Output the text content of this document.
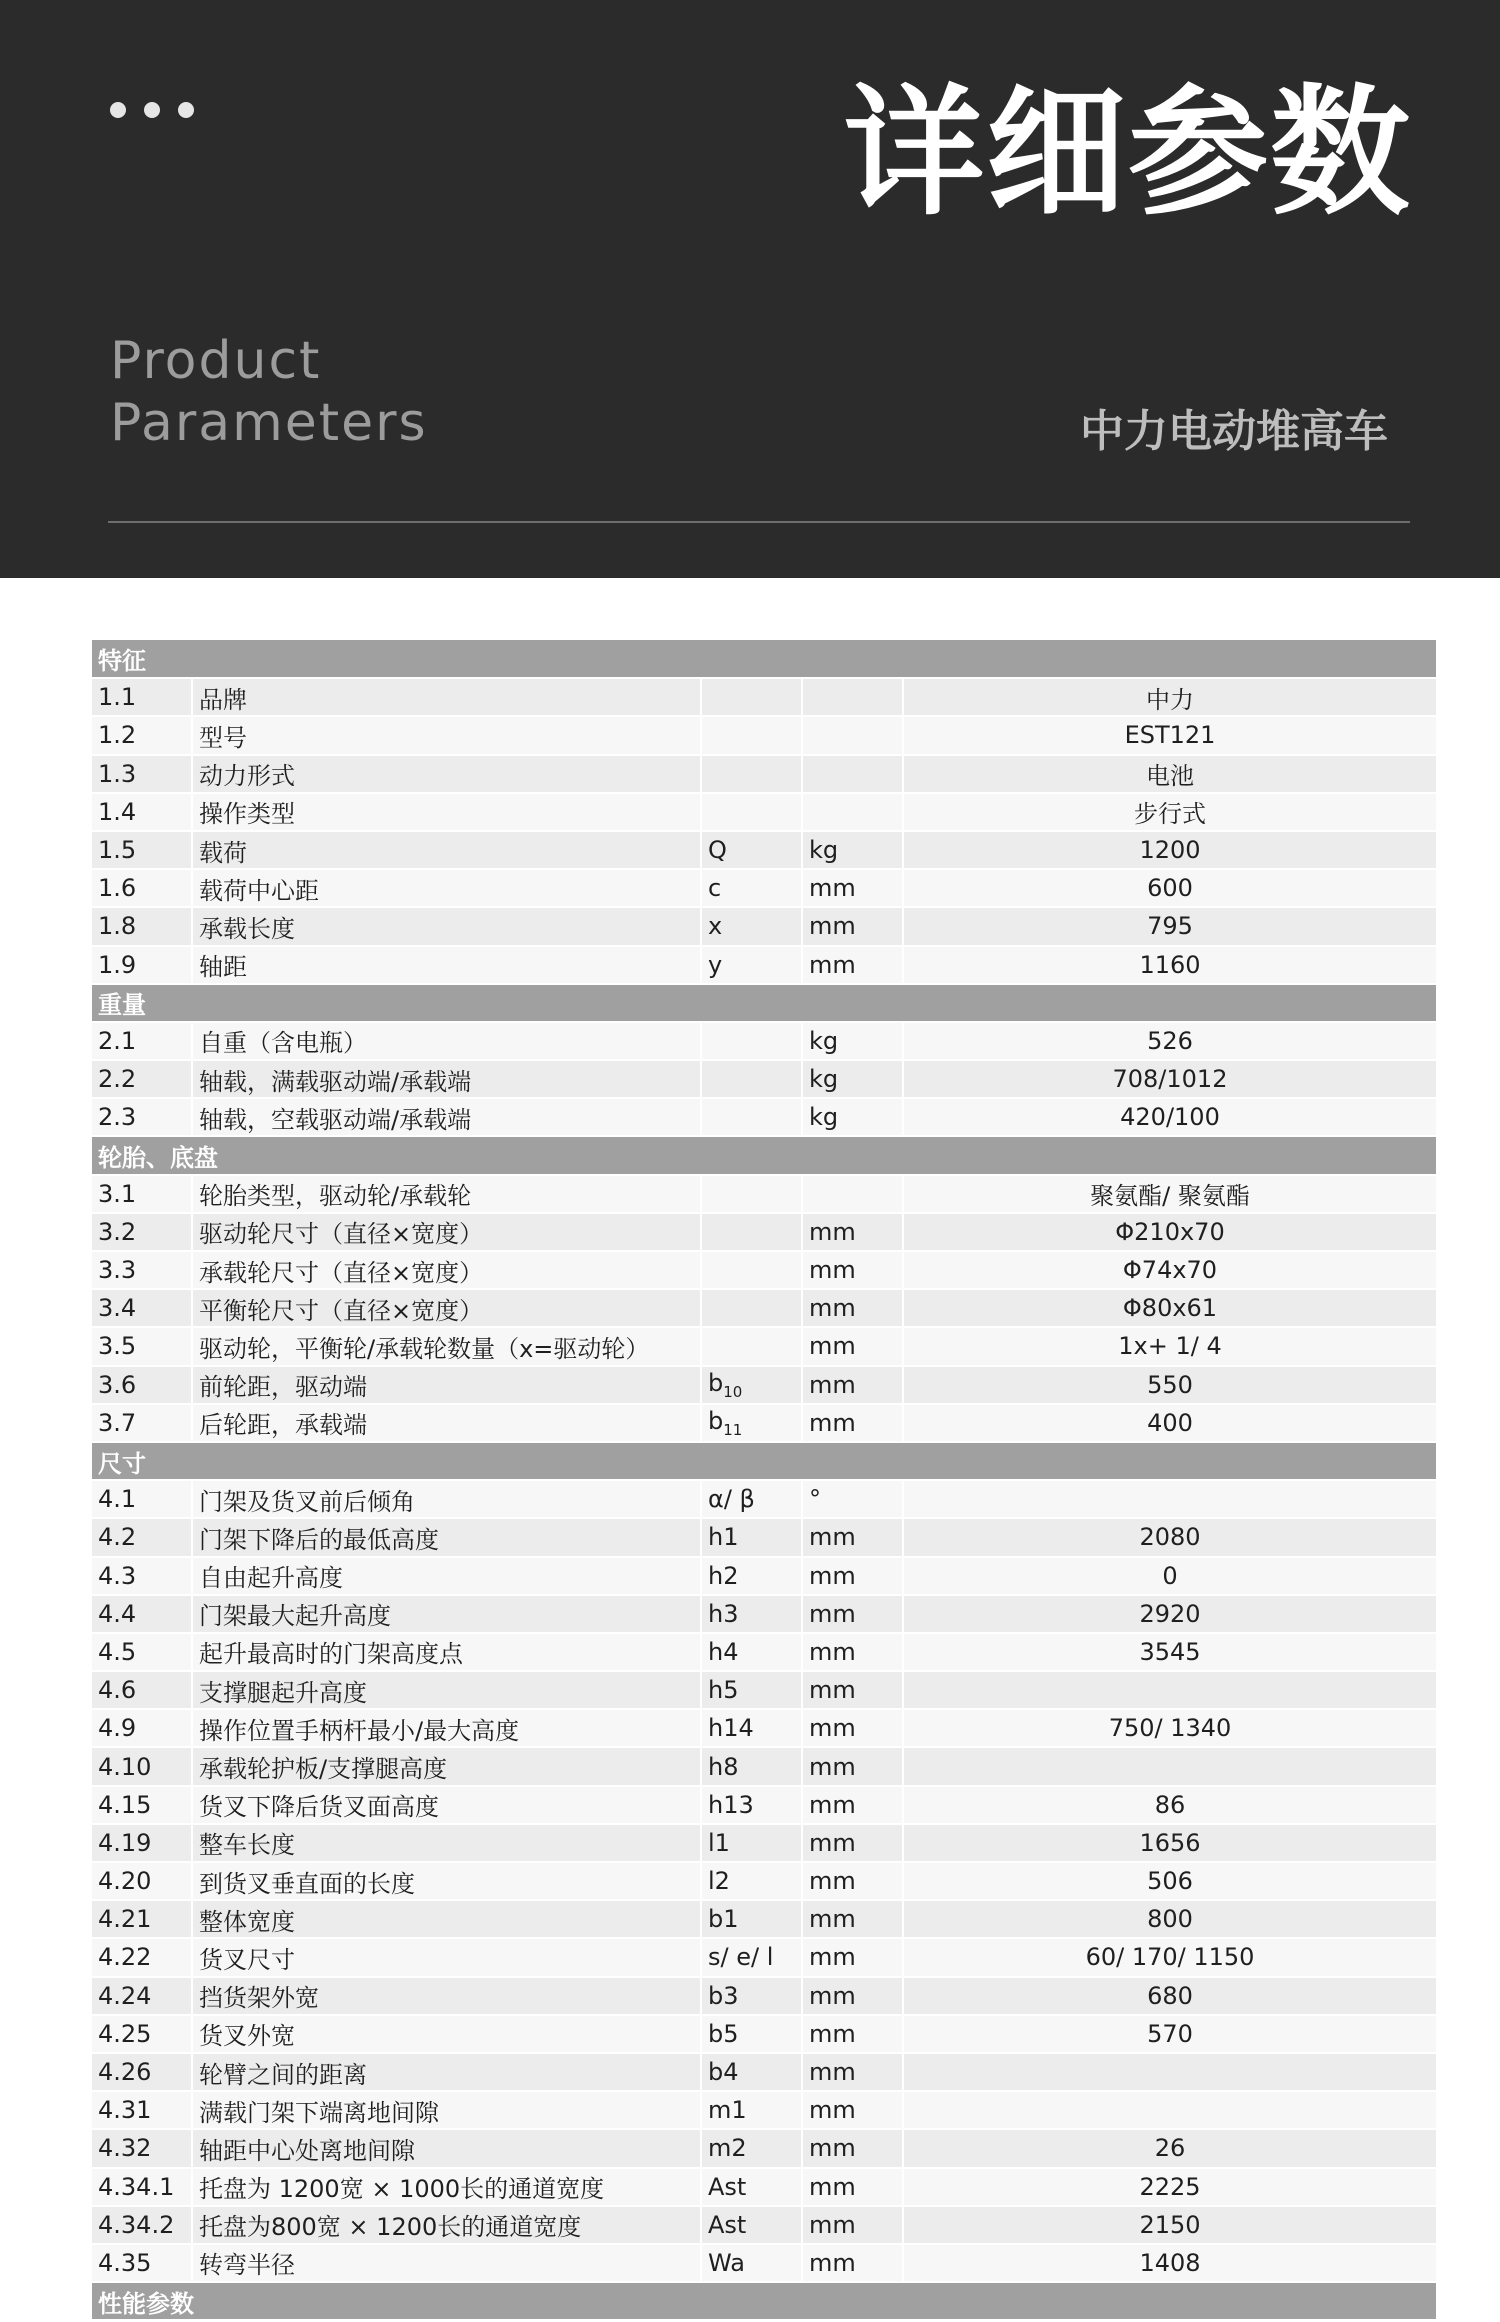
详细参数
Product
Parameters	中力电动堆高车
特征				
1.1	品牌			中力
1.2	型号			EST121
1.3	动力形式			电池
1.4	操作类型			步行式
1.5	载荷	Q	kg	1200
1.6	载荷中心距	c	mm	600
1.8	承载长度	x	mm	795
1.9	轴距	y	mm	1160
重量				
2.1	自重（含电瓶）		kg	526
2.2	轴载，满载驱动端/承载端		kg	708/1012
2.3	轴载，空载驱动端/承载端		kg	420/100
轮胎、底盘				
3.1	轮胎类型，驱动轮/承载轮			聚氨酯/ 聚氨酯
3.2	驱动轮尺寸（直径×宽度）		mm	Φ210x70
3.3	承载轮尺寸（直径×宽度）		mm	Φ74x70
3.4	平衡轮尺寸（直径×宽度）		mm	Φ80x61
3.5	驱动轮，平衡轮/承载轮数量（x=驱动轮）		mm	1x+ 1/ 4
3.6	前轮距，驱动端	$b_{10}$	mm	550
3.7	后轮距，承载端	$b_{11}$	mm	400
尺寸				
4.1	门架及货叉前后倾角	α/ β	°	
4.2	门架下降后的最低高度	h1	mm	2080
4.3	自由起升高度	h2	mm	0
4.4	门架最大起升高度	h3	mm	2920
4.5	起升最高时的门架高度点	h4	mm	3545
4.6	支撑腿起升高度	h5	mm	
4.9	操作位置手柄杆最小/最大高度	h14	mm	750/ 1340
4.10	承载轮护板/支撑腿高度	h8	mm	
4.15	货叉下降后货叉面高度	h13	mm	86
4.19	整车长度	l1	mm	1656
4.20	到货叉垂直面的长度	l2	mm	506
4.21	整体宽度	b1	mm	800
4.22	货叉尺寸	s/ e/ l	mm	60/ 170/ 1150
4.24	挡货架外宽	b3	mm	680
4.25	货叉外宽	b5	mm	570
4.26	轮臂之间的距离	b4	mm	
4.31	满载门架下端离地间隙	m1	mm	
4.32	轴距中心处离地间隙	m2	mm	26
4.34.1	托盘为 1200宽 × 1000长的通道宽度	Ast	mm	2225
4.34.2	托盘为800宽 × 1200长的通道宽度	Ast	mm	2150
4.35	转弯半径	Wa	mm	1408
性能参数				
